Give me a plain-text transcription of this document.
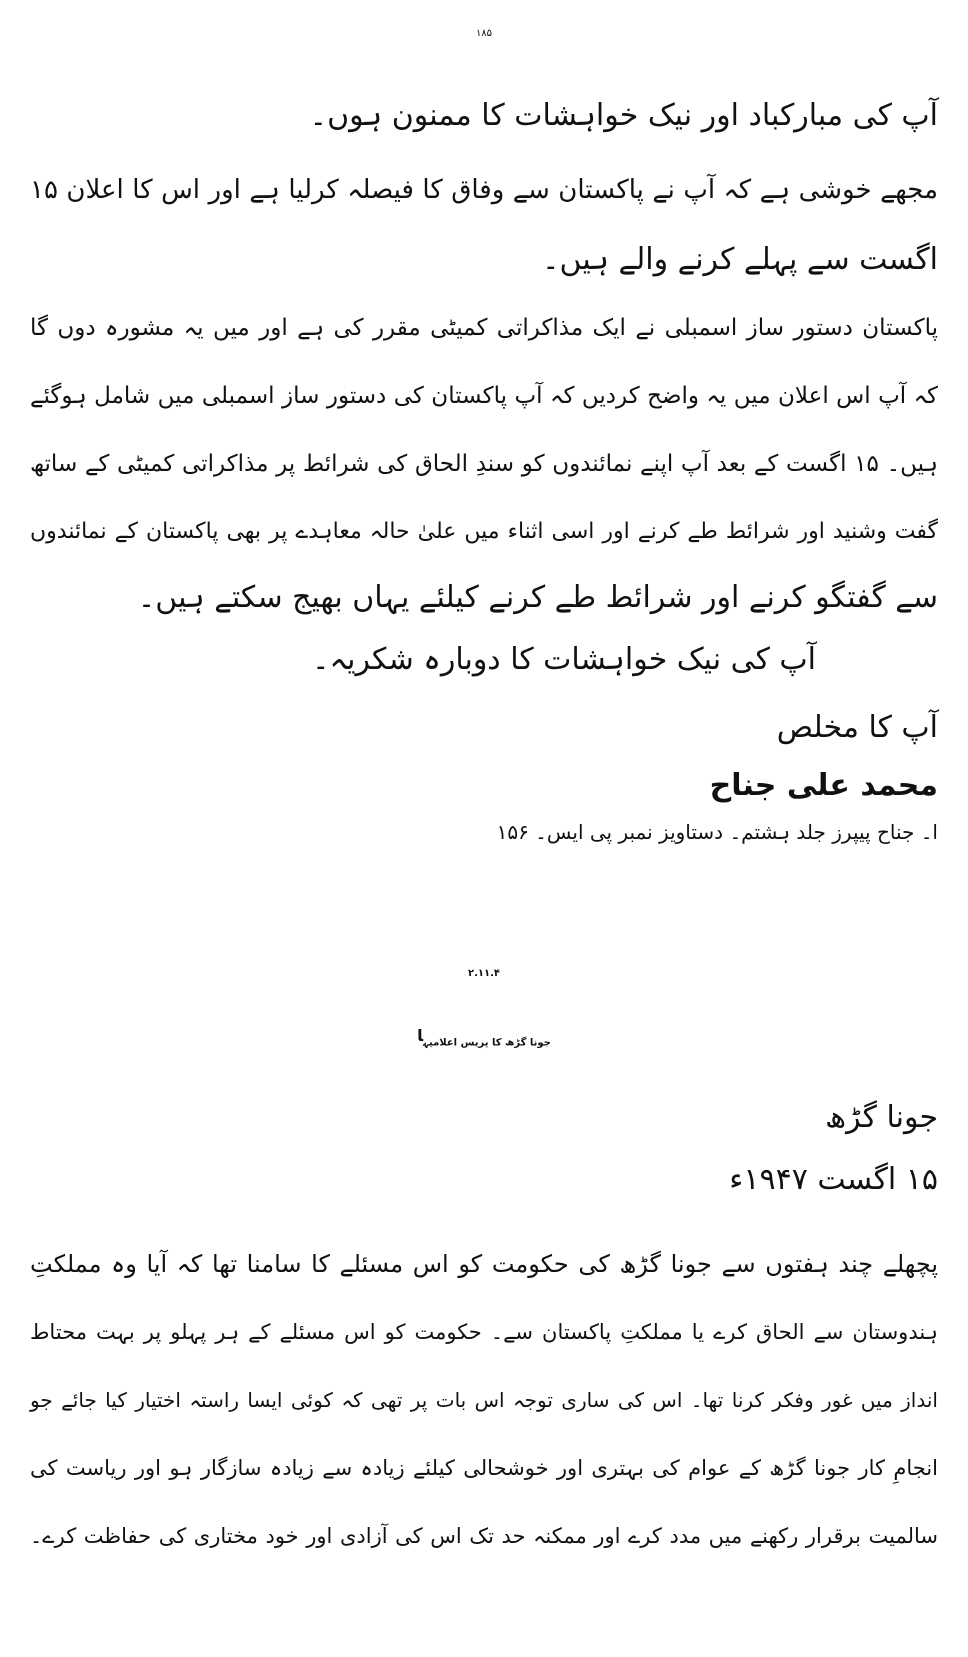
۱۸۵
آپ کی مبارکباد اور نیک خواہشات کا ممنون ہوں۔
مجھے خوشی ہے کہ آپ نے پاکستان سے وفاق کا فیصلہ کرلیا ہے اور اس کا اعلان ۱۵
اگست سے پہلے کرنے والے ہیں۔
پاکستان دستور ساز اسمبلی نے ایک مذاکراتی کمیٹی مقرر کی ہے اور میں یہ مشورہ دوں گا
کہ آپ اس اعلان میں یہ واضح کردیں کہ آپ پاکستان کی دستور ساز اسمبلی میں شامل ہوگئے
ہیں۔ ۱۵ اگست کے بعد آپ اپنے نمائندوں کو سندِ الحاق کی شرائط پر مذاکراتی کمیٹی کے ساتھ
گفت وشنید اور شرائط طے کرنے اور اسی اثناء میں علیٰ حالہ معاہدے پر بھی پاکستان کے نمائندوں
سے گفتگو کرنے اور شرائط طے کرنے کیلئے یہاں بھیج سکتے ہیں۔
آپ کی نیک خواہشات کا دوبارہ شکریہ۔
آپ کا مخلص
محمد علی جناح
ا۔ جناح پیپرز جلد ہشتم۔ دستاویز نمبر پی ایس۔ ۱۵۶
۲.۱۱.۴
جونا گڑھ کا پریس اعلامیہ$^ا$
جونا گڑھ
۱۵ اگست ۱۹۴۷ء
پچھلے چند ہفتوں سے جونا گڑھ کی حکومت کو اس مسئلے کا سامنا تھا کہ آیا وہ مملکتِ
ہندوستان سے الحاق کرے یا مملکتِ پاکستان سے۔ حکومت کو اس مسئلے کے ہر پہلو پر بہت محتاط
انداز میں غور وفکر کرنا تھا۔ اس کی ساری توجہ اس بات پر تھی کہ کوئی ایسا راستہ اختیار کیا جائے جو
انجامِ کار جونا گڑھ کے عوام کی بہتری اور خوشحالی کیلئے زیادہ سے زیادہ سازگار ہو اور ریاست کی
سالمیت برقرار رکھنے میں مدد کرے اور ممکنہ حد تک اس کی آزادی اور خود مختاری کی حفاظت کرے۔
